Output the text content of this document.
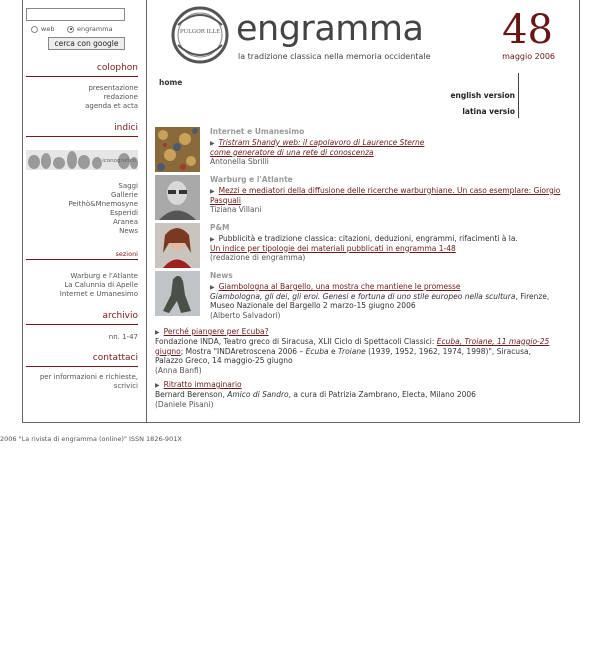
web	engramma
cerca con google
colophon
presentazione
redazione
agenda et acta
indici
iconografico
Saggi
Gallerie
Peithò&Mnemosyne
Esperidi
Aranea
News
sezioni
Warburg e l'Atlante
La Calunnia di Apelle
Internet e Umanesimo
archivio
nn. 1-47
contattaci
per informazioni e richieste,
scrivici
PULGOR ILLE engramma
la tradizione classica nella memoria occidentale
48
maggio 2006
home
english version
latina versio
Internet e Umanesimo
▶ Tristram Shandy web: il capolavoro di Laurence Sterne
come generatore di una rete di conoscenza
Antonella Sbrilli
Warburg e l'Atlante
▶ Mezzi e mediatori della diffusione delle ricerche warburghiane. Un caso esemplare: Giorgio
Pasquali
Tiziana Villani
P&M
▶ Pubblicità e tradizione classica: citazioni, deduzioni, engrammi, rifacimenti à la.
Un indice per tipologie dei materiali pubblicati in engramma 1-48
(redazione di engramma)
News
▶ Giambologna al Bargello, una mostra che mantiene le promesse
Giambologna, gli dei, gli eroi. Genesi e fortuna di uno stile europeo nella scultura, Firenze,
Museo Nazionale del Bargello 2 marzo-15 giugno 2006
(Alberto Salvadori)
▶ Perché piangere per Ecuba?
Fondazione INDA, Teatro greco di Siracusa, XLII Ciclo di Spettacoli Classici: Ecuba, Troiane, 11 maggio-25
giugno; Mostra "INDAretroscena 2006 – Ecuba e Troiane (1939, 1952, 1962, 1974, 1998)", Siracusa,
Palazzo Greco, 14 maggio-25 giugno
(Anna Banfi)
▶ Ritratto immaginario
Bernard Berenson, Amico di Sandro, a cura di Patrizia Zambrano, Electa, Milano 2006
(Daniele Pisani)
2006 "La rivista di engramma (online)" ISSN 1826-901X
